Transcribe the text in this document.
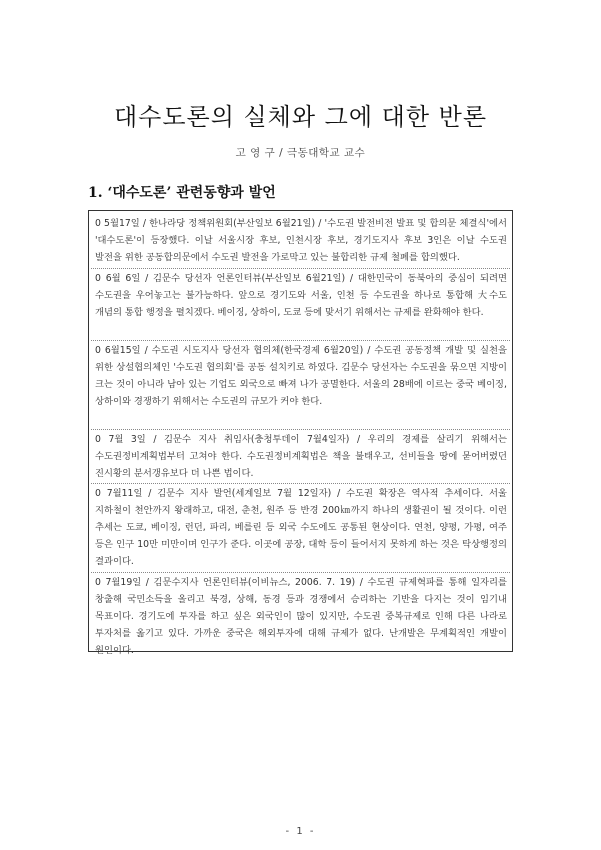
대수도론의 실체와 그에 대한 반론
고 영 구 / 극동대학교 교수
1. ‘대수도론’ 관련동향과 발언

0 5월17일 / 한나라당 정책위원회(부산일보 6월21일) / '수도권 발전비전 발표 및 합의문 체결식'에서 '대수도론'이 등장했다. 이날 서울시장 후보, 인천시장 후보, 경기도지사 후보 3인은 이날 수도권 발전을 위한 공동합의문에서 수도권 발전을 가로막고 있는 불합리한 규제 철폐를 합의했다.

0 6월 6일 / 김문수 당선자 언론인터뷰(부산일보 6월21일) / 대한민국이 동북아의 중심이 되려면 수도권을 우어놓고는 불가능하다. 앞으로 경기도와 서울, 인천 등 수도권을 하나로 통합해 大수도 개념의 통합 행정을 펼치겠다. 베이징, 상하이, 도쿄 등에 맞서기 위해서는 규제를 완화해야 한다.

0 6월15일 / 수도권 시도지사 당선자 협의체(한국경제 6월20일) / 수도권 공동정책 개발 및 실천을 위한 상설협의체인 '수도권 협의회'를 공동 설치키로 하였다. 김문수 당선자는 수도권을 묶으면 지방이 크는 것이 아니라 남아 있는 기업도 외국으로 빠져 나가 공멸한다. 서울의 28배에 이르는 중국 베이징, 상하이와 경쟁하기 위해서는 수도권의 규모가 커야 한다.

0 7월 3일 / 김문수 지사 취임사(충청투데이 7월4일자) / 우리의 경제를 살리기 위해서는 수도권정비계획법부터 고쳐야 한다. 수도권정비계획법은 책을 불태우고, 선비들을 땅에 묻어버렸던 진시황의 분서갱유보다 더 나쁜 법이다.

0 7월11일 / 김문수 지사 발언(세계일보 7월 12일자) / 수도권 확장은 역사적 추세이다. 서울 지하철이 천안까지 왕래하고, 대전, 춘천, 원주 등 반경 200㎞까지 하나의 생활권이 될 것이다. 이런 추세는 도쿄, 베이징, 런던, 파리, 베를린 등 외국 수도에도 공통된 현상이다. 연천, 양평, 가평, 여주 등은 인구 10만 미만이며 인구가 준다. 이곳에 공장, 대학 등이 들어서지 못하게 하는 것은 탁상행정의 결과이다.

0 7월19일 / 김문수지사 언론인터뷰(이비뉴스, 2006. 7. 19) / 수도권 규제혁파를 통해 일자리를 창출해 국민소득을 올리고 북경, 상해, 동경 등과 경쟁에서 승리하는 기반을 다지는 것이 임기내 목표이다. 경기도에 투자를 하고 싶은 외국인이 많이 있지만, 수도권 중복규제로 인해 다른 나라로 투자처를 옮기고 있다. 가까운 중국은 해외투자에 대해 규제가 없다. 난개발은 무계획적인 개발이 원인이다.

- 1 -
